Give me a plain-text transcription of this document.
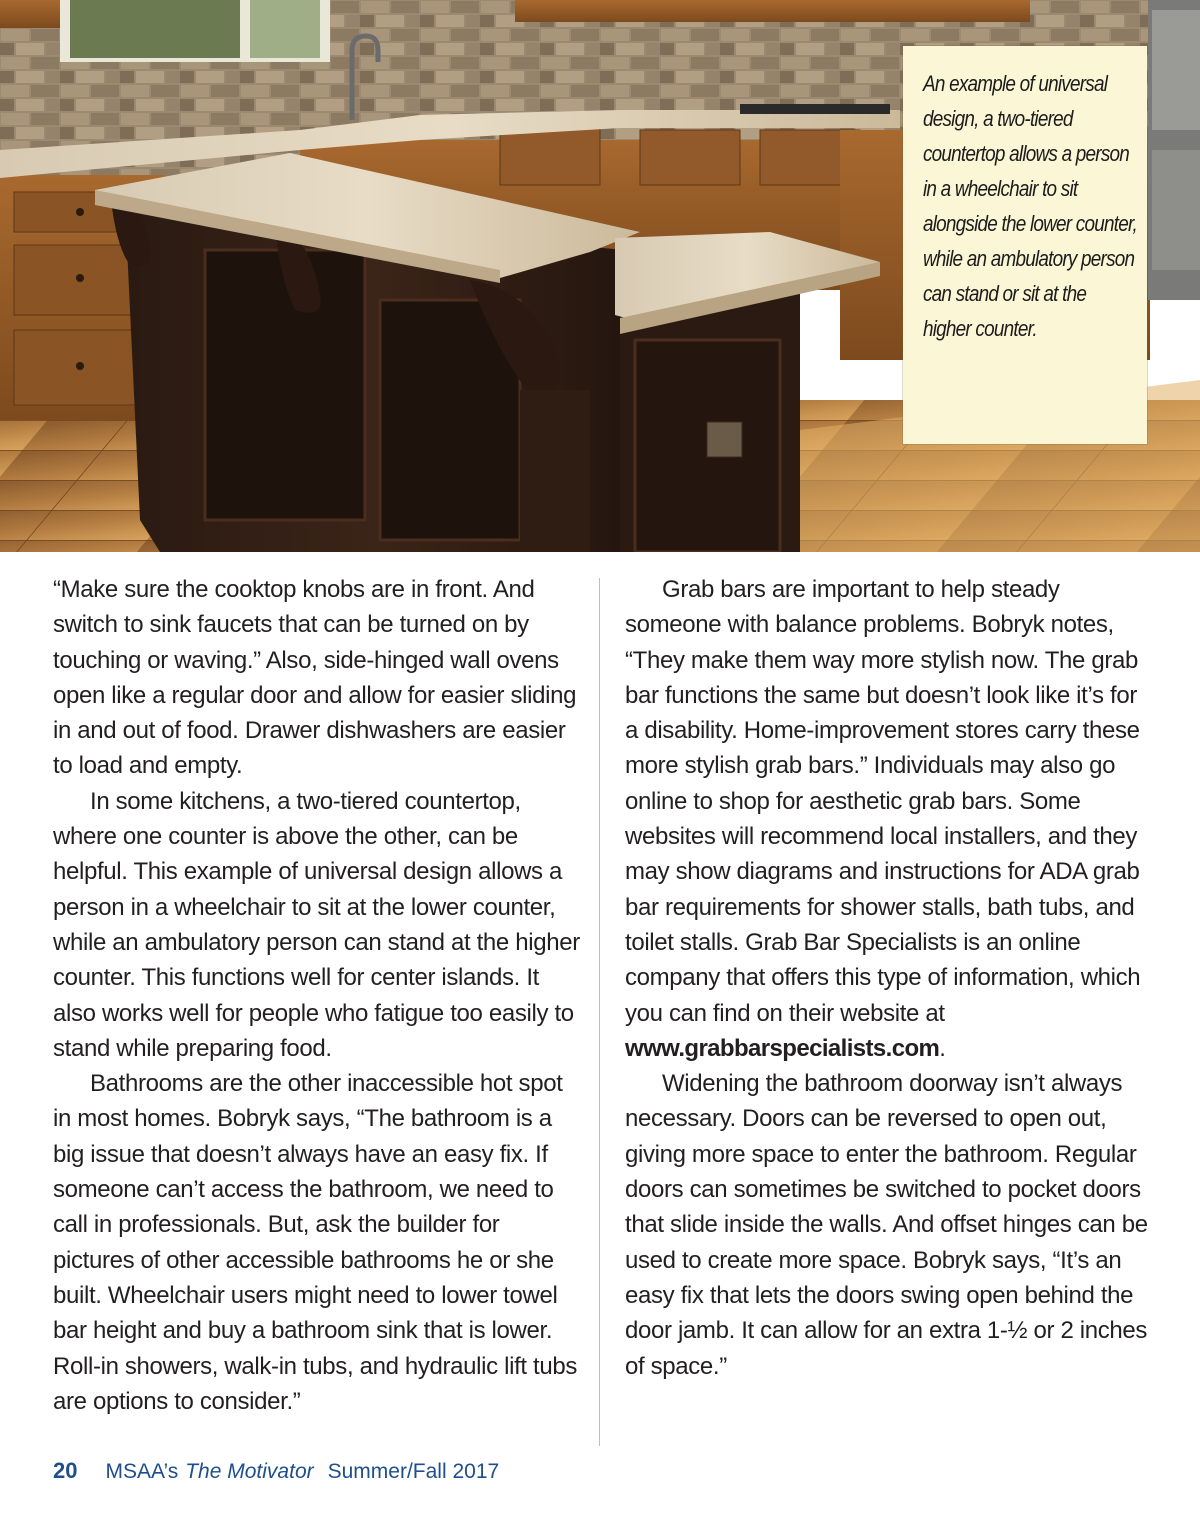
An example of universal design, a two-tiered countertop allows a person in a wheelchair to sit alongside the lower counter, while an ambulatory person can stand or sit at the higher counter.

“Make sure the cooktop knobs are in front. And switch to sink faucets that can be turned on by touching or waving.” Also, side-hinged wall ovens open like a regular door and allow for easier sliding in and out of food. Drawer dishwashers are easier to load and empty.

In some kitchens, a two-tiered countertop, where one counter is above the other, can be helpful. This example of universal design allows a person in a wheelchair to sit at the lower counter, while an ambulatory person can stand at the higher counter. This functions well for center islands. It also works well for people who fatigue too easily to stand while preparing food.

Bathrooms are the other inaccessible hot spot in most homes. Bobryk says, “The bathroom is a big issue that doesn’t always have an easy fix. If someone can’t access the bathroom, we need to call in professionals. But, ask the builder for pictures of other accessible bathrooms he or she built. Wheelchair users might need to lower towel bar height and buy a bathroom sink that is lower. Roll-in showers, walk-in tubs, and hydraulic lift tubs are options to consider.”

Grab bars are important to help steady someone with balance problems. Bobryk notes, “They make them way more stylish now. The grab bar functions the same but doesn’t look like it’s for a disability. Home-improvement stores carry these more stylish grab bars.” Individuals may also go online to shop for aesthetic grab bars. Some websites will recommend local installers, and they may show diagrams and instructions for ADA grab bar requirements for shower stalls, bath tubs, and toilet stalls. Grab Bar Specialists is an online company that offers this type of information, which you can find on their website at www.grabbarspecialists.com.

Widening the bathroom doorway isn’t always necessary. Doors can be reversed to open out, giving more space to enter the bathroom. Regular doors can sometimes be switched to pocket doors that slide inside the walls. And offset hinges can be used to create more space. Bobryk says, “It’s an easy fix that lets the doors swing open behind the door jamb. It can allow for an extra 1-½ or 2 inches of space.”

20 MSAA’s The Motivator Summer/Fall 2017
